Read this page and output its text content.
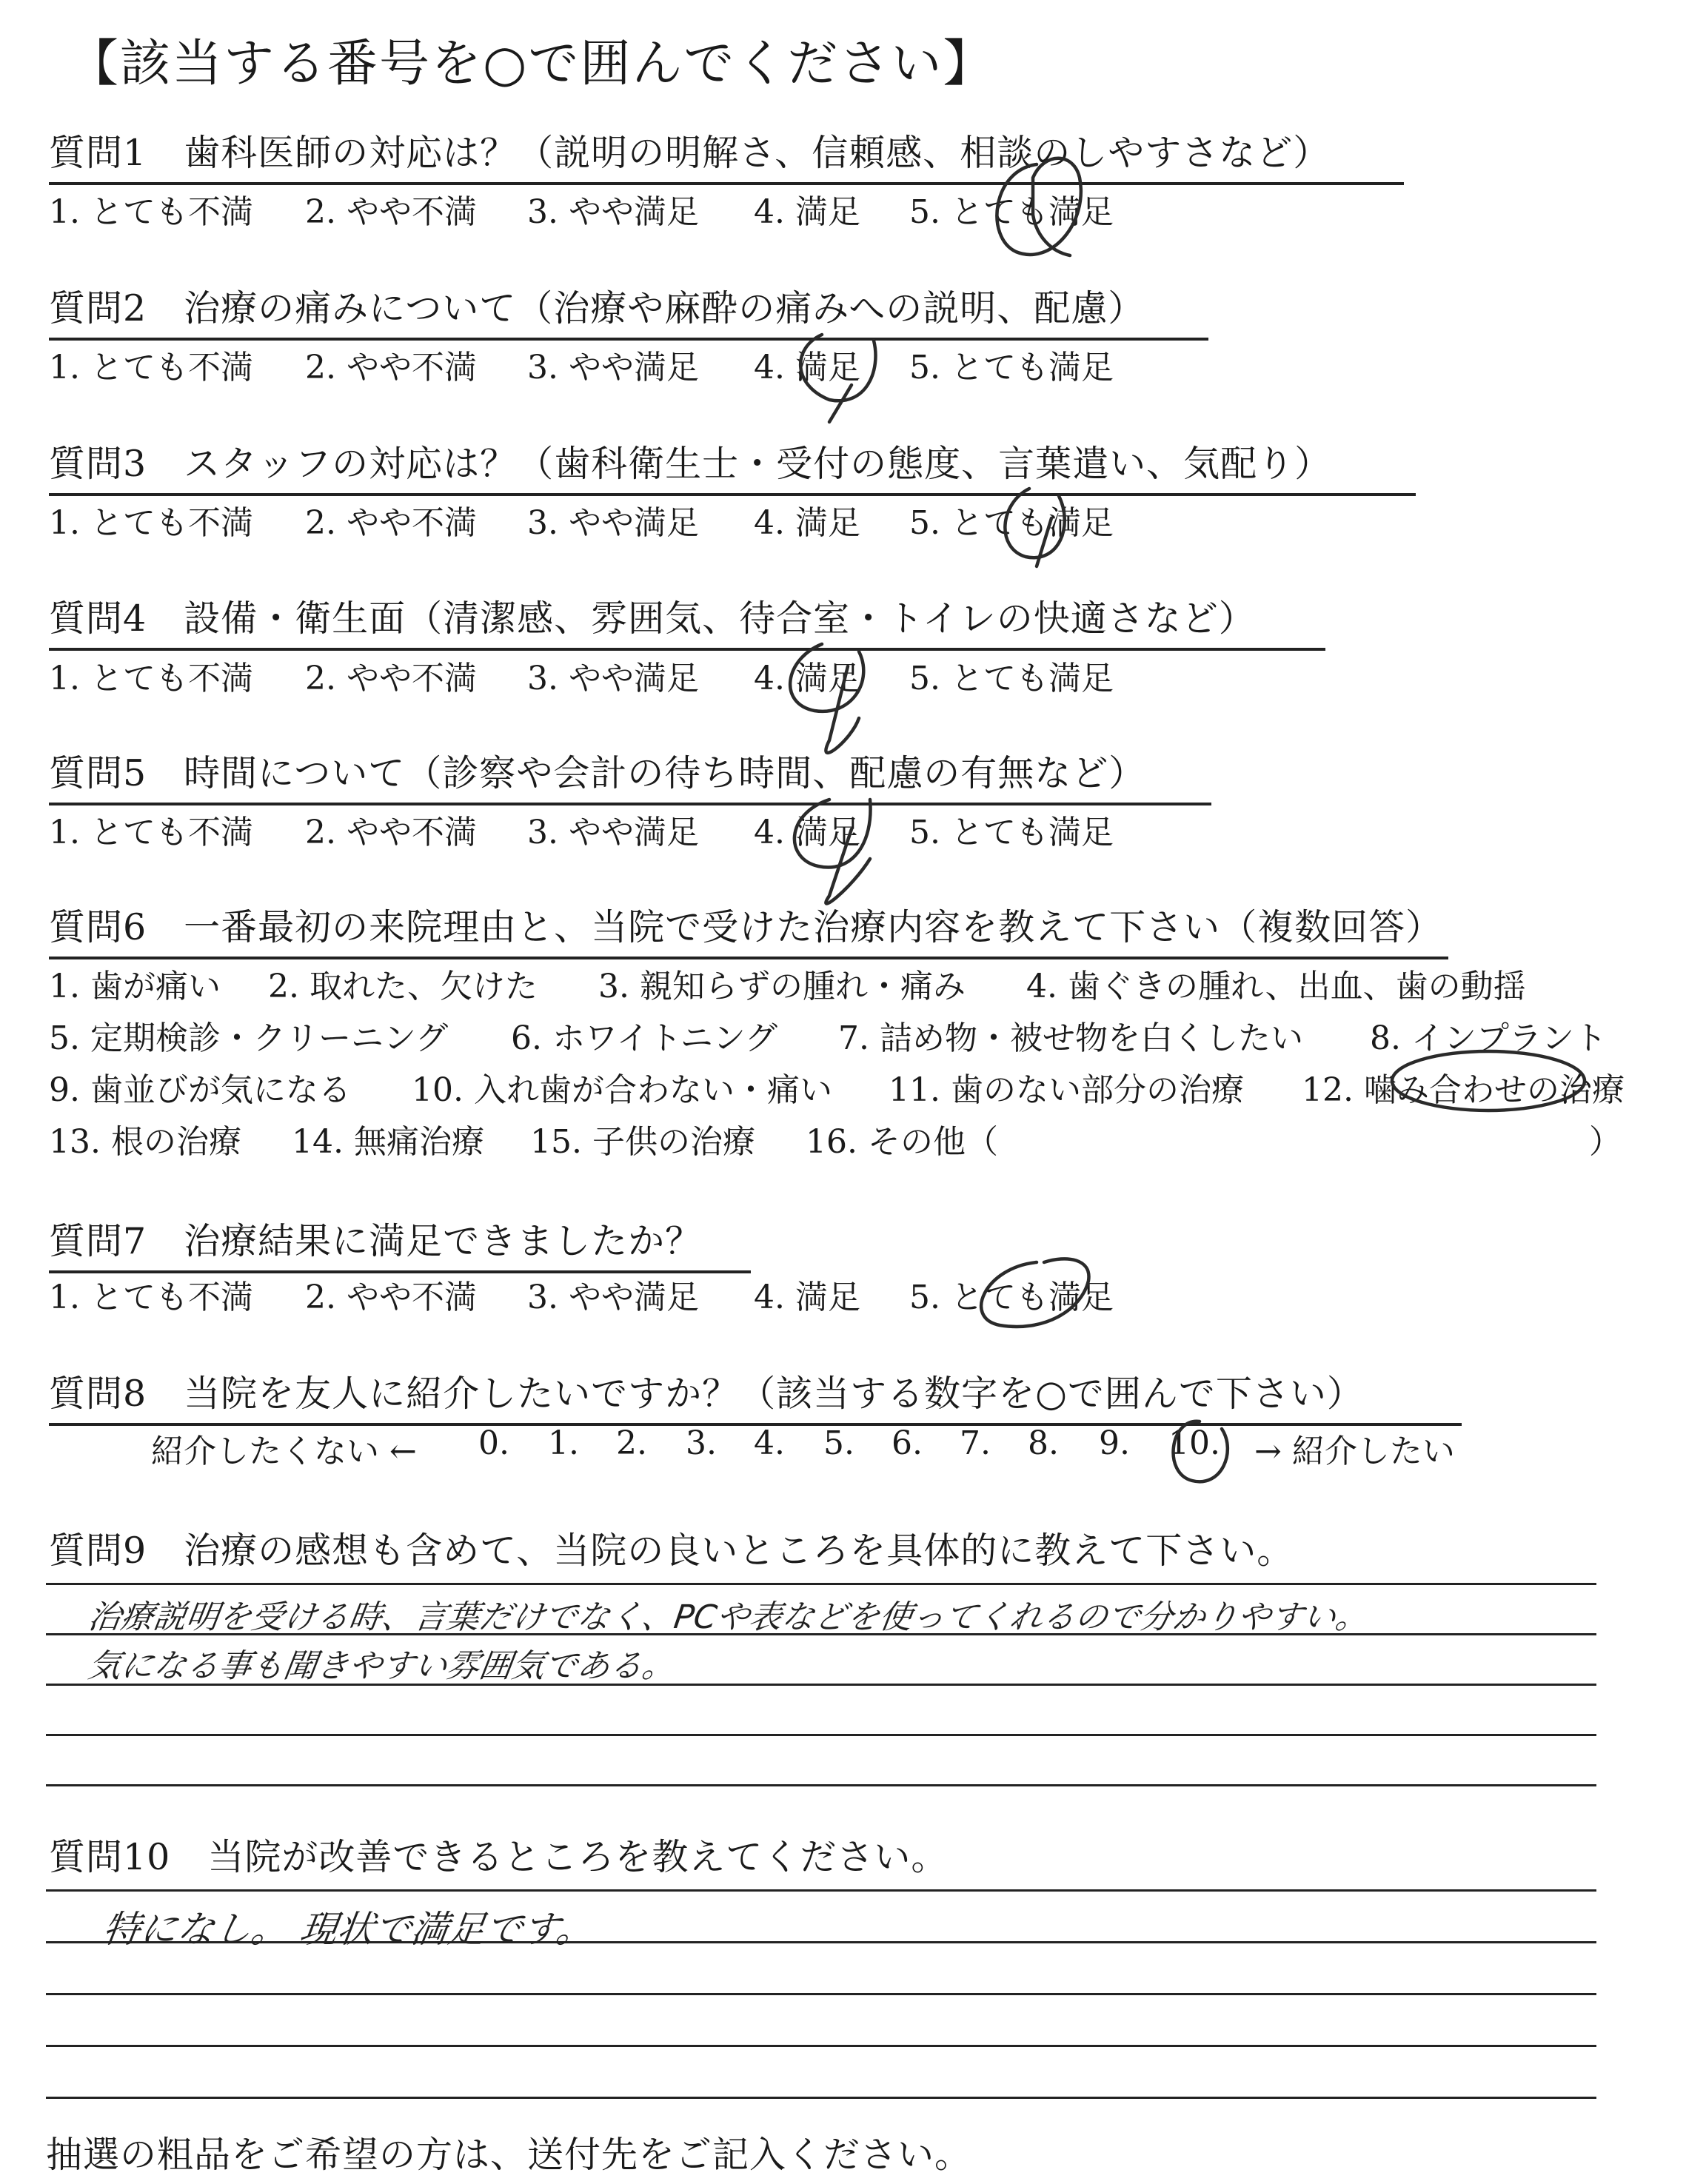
【該当する番号を○で囲んでください】
質問1　歯科医師の対応は？（説明の明解さ、信頼感、相談のしやすさなど）
1. とても不満 2. やや不満 3. やや満足 4. 満足 5. とても満足
質問2　治療の痛みについて（治療や麻酔の痛みへの説明、配慮）
1. とても不満 2. やや不満 3. やや満足 4. 満足 5. とても満足
質問3　スタッフの対応は？（歯科衛生士・受付の態度、言葉遣い、気配り）
1. とても不満 2. やや不満 3. やや満足 4. 満足 5. とても満足
質問4　設備・衛生面（清潔感、雰囲気、待合室・トイレの快適さなど）
1. とても不満 2. やや不満 3. やや満足 4. 満足 5. とても満足
質問5　時間について（診察や会計の待ち時間、配慮の有無など）
1. とても不満 2. やや不満 3. やや満足 4. 満足 5. とても満足
質問6　一番最初の来院理由と、当院で受けた治療内容を教えて下さい（複数回答）
1. 歯が痛い 2. 取れた、欠けた 3. 親知らずの腫れ・痛み 4. 歯ぐきの腫れ、出血、歯の動揺
5. 定期検診・クリーニング 6. ホワイトニング 7. 詰め物・被せ物を白くしたい 8. インプラント
9. 歯並びが気になる 10. 入れ歯が合わない・痛い 11. 歯のない部分の治療 12. 噛み合わせの治療
13. 根の治療 14. 無痛治療 15. 子供の治療 16. その他（	）
質問7　治療結果に満足できましたか？
1. とても不満 2. やや不満 3. やや満足 4. 満足 5. とても満足
質問8　当院を友人に紹介したいですか？（該当する数字を○で囲んで下さい）
紹介したくない ← 0. 1. 2. 3. 4. 5. 6. 7. 8. 9. 10. → 紹介したい
質問9　治療の感想も含めて、当院の良いところを具体的に教えて下さい。
治療説明を受ける時、言葉だけでなく、PCや表などを使ってくれるので分かりやすい。
気になる事も聞きやすい雰囲気である。
質問10　当院が改善できるところを教えてください。
特になし。 現状で満足です。
抽選の粗品をご希望の方は、送付先をご記入ください。
